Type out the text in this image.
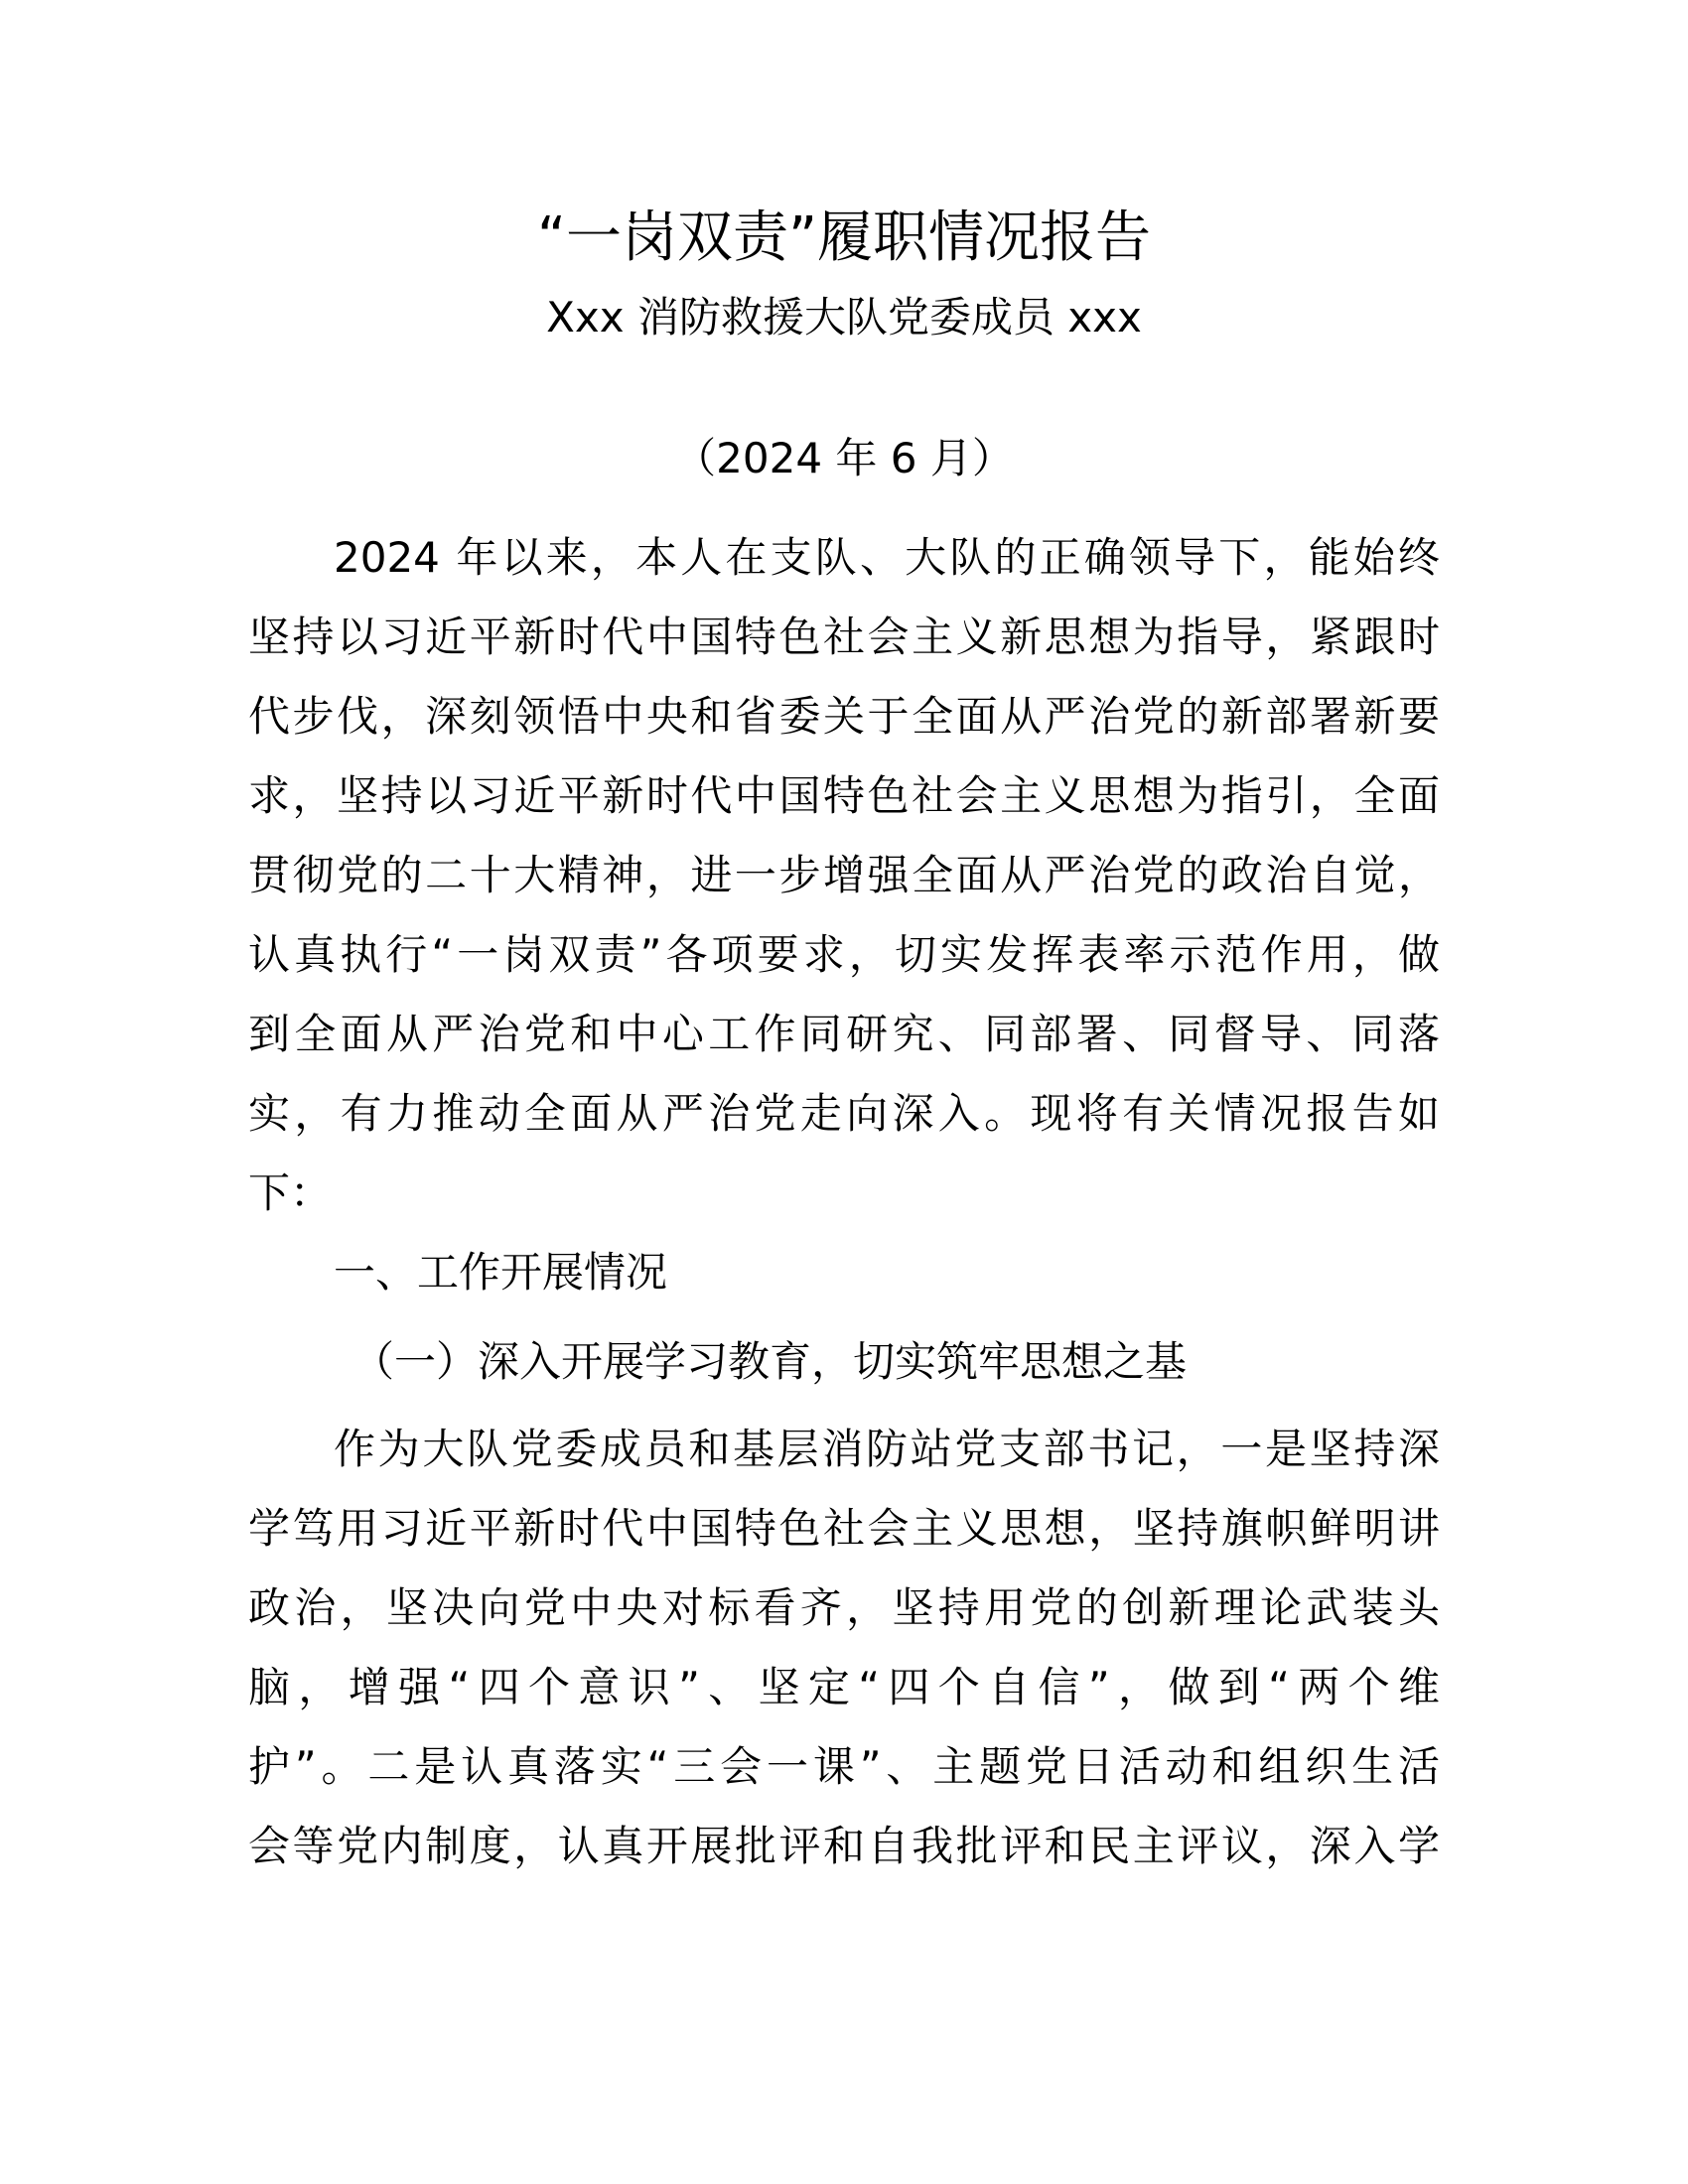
“一岗双责”履职情况报告

Xxx 消防救援大队党委成员 xxx

（2024 年 6 月）

2024 年以来，本人在支队、大队的正确领导下，能始终

坚持以习近平新时代中国特色社会主义新思想为指导，紧跟时

代步伐，深刻领悟中央和省委关于全面从严治党的新部署新要

求，坚持以习近平新时代中国特色社会主义思想为指引，全面

贯彻党的二十大精神，进一步增强全面从严治党的政治自觉，

认真执行“一岗双责”各项要求，切实发挥表率示范作用，做

到全面从严治党和中心工作同研究、同部署、同督导、同落

实，有力推动全面从严治党走向深入。现将有关情况报告如

下：

一、工作开展情况

（一）深入开展学习教育，切实筑牢思想之基

作为大队党委成员和基层消防站党支部书记，一是坚持深

学笃用习近平新时代中国特色社会主义思想，坚持旗帜鲜明讲

政治，坚决向党中央对标看齐，坚持用党的创新理论武装头

脑，增强“四个意识”、坚定“四个自信”，做到“两个维

护”。二是认真落实“三会一课”、主题党日活动和组织生活

会等党内制度，认真开展批评和自我批评和民主评议，深入学
